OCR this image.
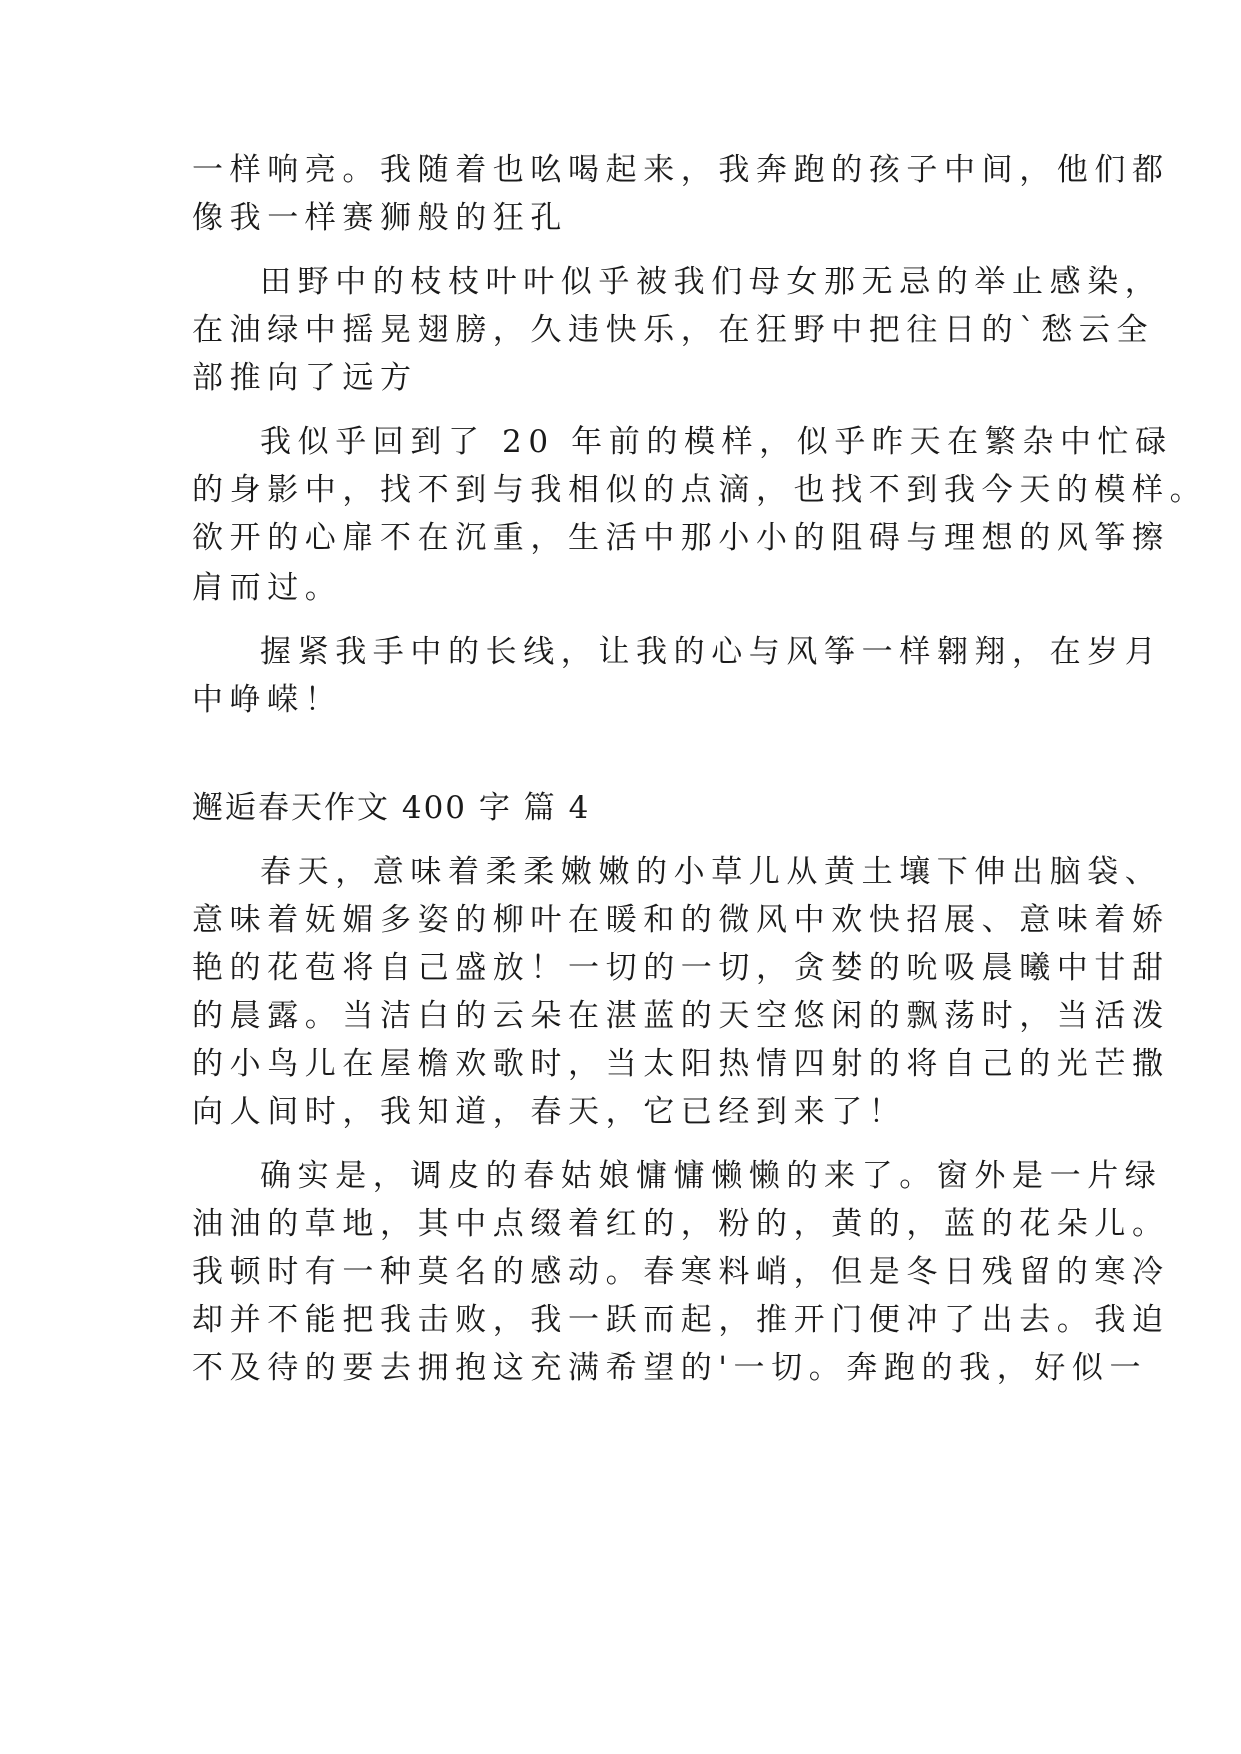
一样响亮。我随着也吆喝起来，我奔跑的孩子中间，他们都
像我一样赛狮般的狂孔
田野中的枝枝叶叶似乎被我们母女那无忌的举止感染，
在油绿中摇晃翅膀，久违快乐，在狂野中把往日的`愁云全
部推向了远方
我似乎回到了 20 年前的模样，似乎昨天在繁杂中忙碌
的身影中，找不到与我相似的点滴，也找不到我今天的模样。
欲开的心扉不在沉重，生活中那小小的阻碍与理想的风筝擦
肩而过。
握紧我手中的长线，让我的心与风筝一样翱翔，在岁月
中峥嵘！
邂逅春天作文 400 字 篇 4
春天，意味着柔柔嫩嫩的小草儿从黄土壤下伸出脑袋、
意味着妩媚多姿的柳叶在暖和的微风中欢快招展、意味着娇
艳的花苞将自己盛放！一切的一切，贪婪的吮吸晨曦中甘甜
的晨露。当洁白的云朵在湛蓝的天空悠闲的飘荡时，当活泼
的小鸟儿在屋檐欢歌时，当太阳热情四射的将自己的光芒撒
向人间时，我知道，春天，它已经到来了！
确实是，调皮的春姑娘慵慵懒懒的来了。窗外是一片绿
油油的草地，其中点缀着红的，粉的，黄的，蓝的花朵儿。
我顿时有一种莫名的感动。春寒料峭，但是冬日残留的寒冷
却并不能把我击败，我一跃而起，推开门便冲了出去。我迫
不及待的要去拥抱这充满希望的'一切。奔跑的我，好似一
